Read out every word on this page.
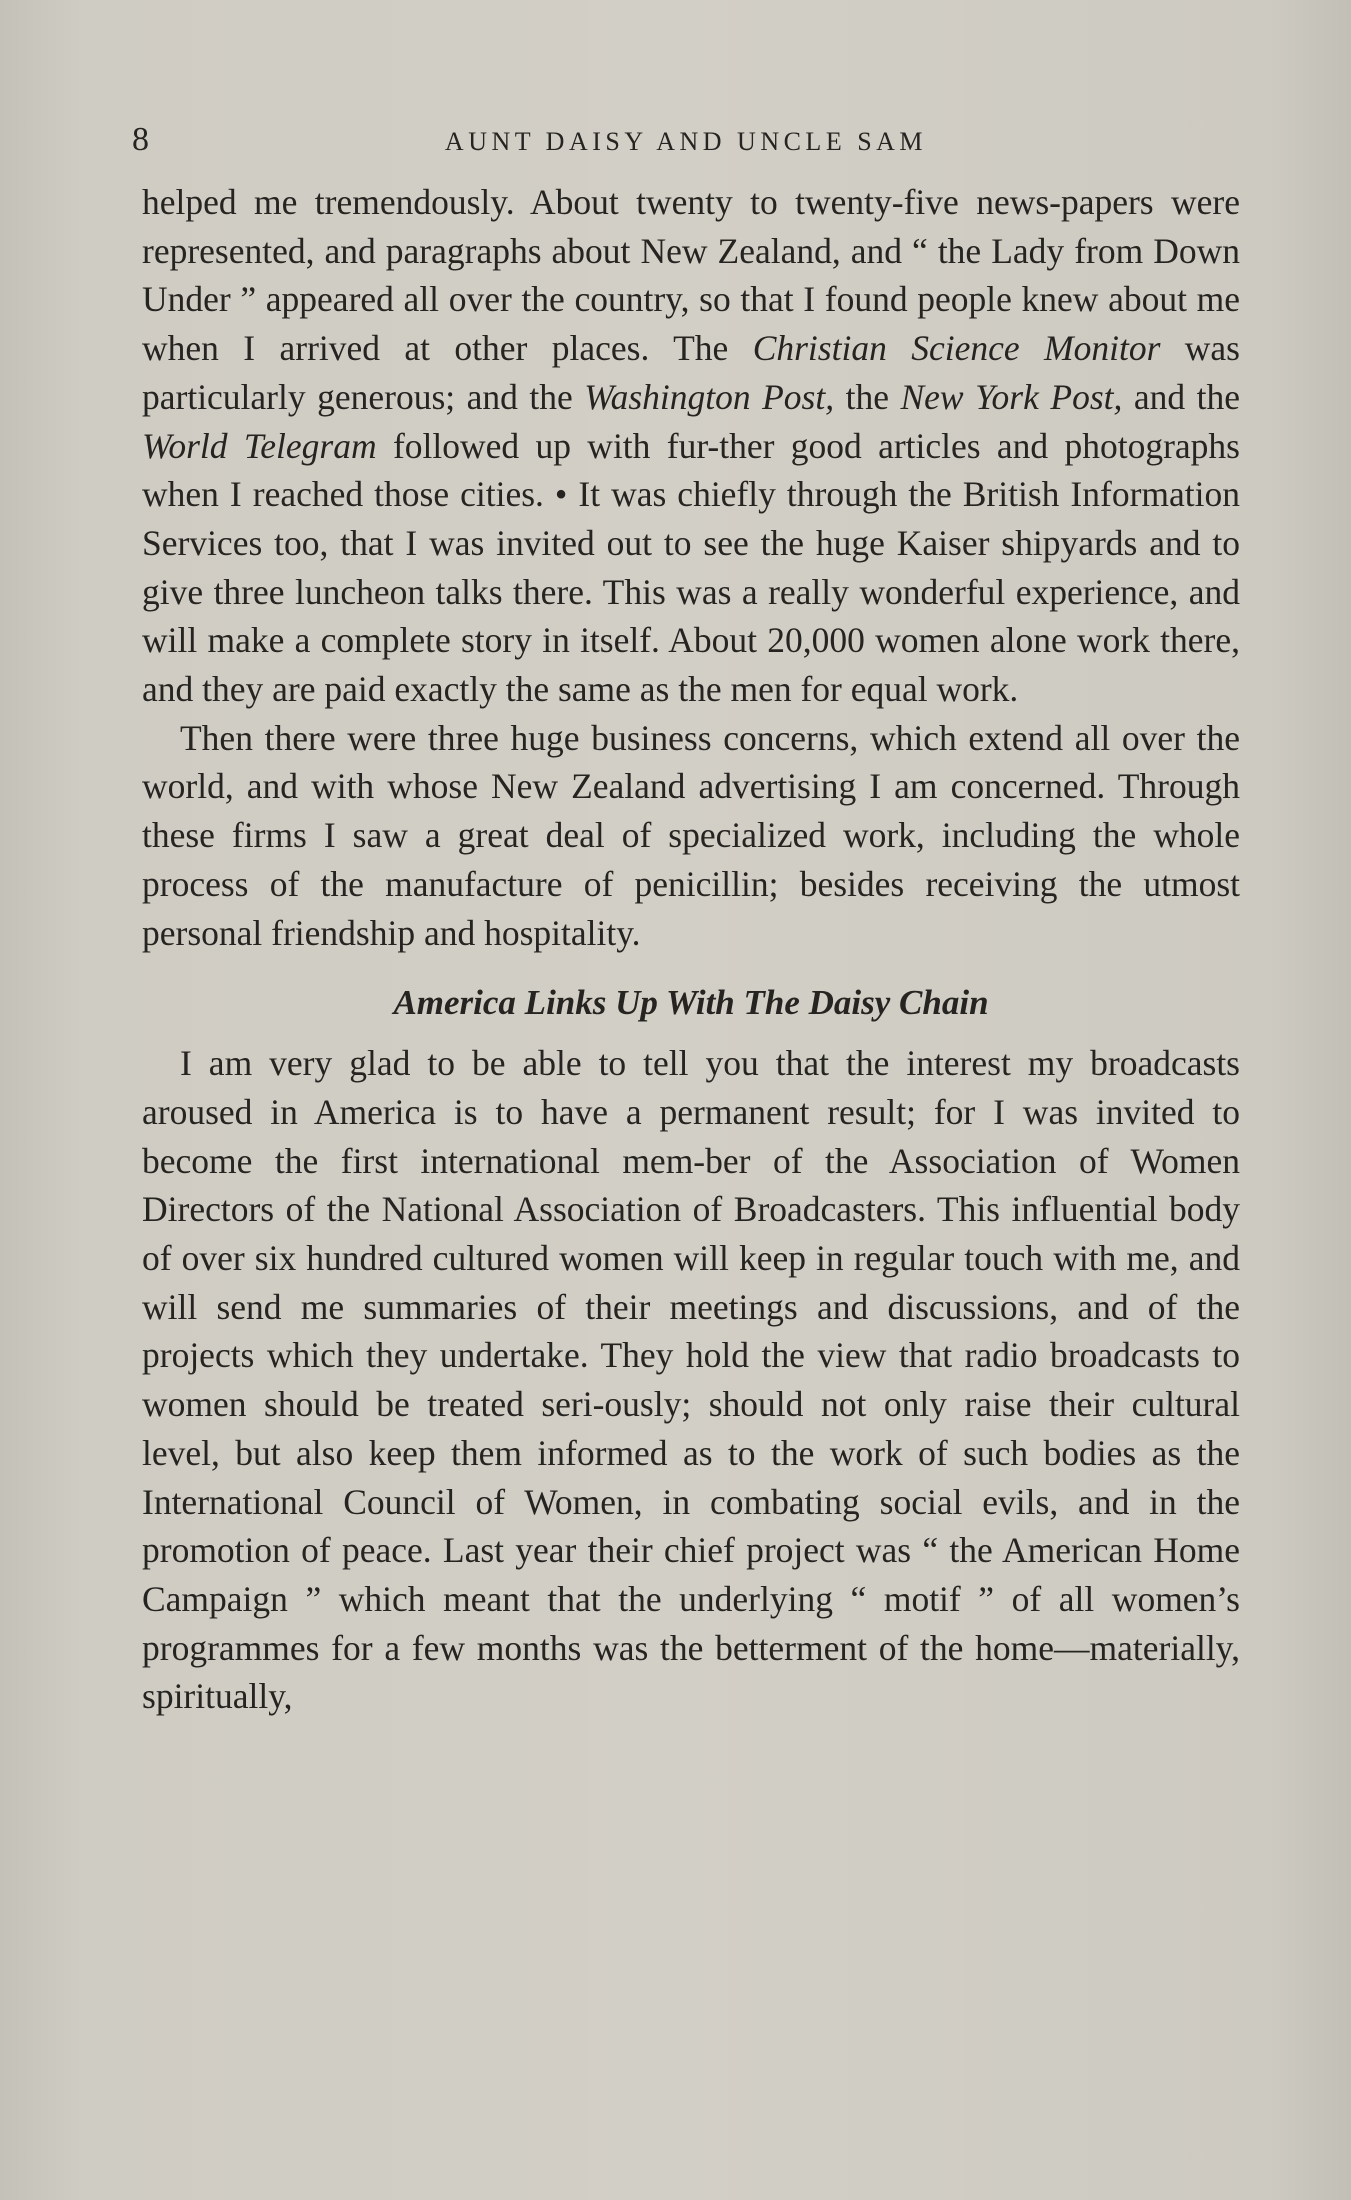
8	AUNT DAISY AND UNCLE SAM

helped me tremendously. About twenty to twenty-five news-papers were represented, and paragraphs about New Zealand, and “ the Lady from Down Under ” appeared all over the country, so that I found people knew about me when I arrived at other places. The Christian Science Monitor was particularly generous; and the Washington Post, the New York Post, and the World Telegram followed up with fur-ther good articles and photographs when I reached those cities. • It was chiefly through the British Information Services too, that I was invited out to see the huge Kaiser shipyards and to give three luncheon talks there. This was a really wonderful experience, and will make a complete story in itself. About 20,000 women alone work there, and they are paid exactly the same as the men for equal work.

Then there were three huge business concerns, which extend all over the world, and with whose New Zealand advertising I am concerned. Through these firms I saw a great deal of specialized work, including the whole process of the manufacture of penicillin; besides receiving the utmost personal friendship and hospitality.

America Links Up With The Daisy Chain

I am very glad to be able to tell you that the interest my broadcasts aroused in America is to have a permanent result; for I was invited to become the first international mem-ber of the Association of Women Directors of the National Association of Broadcasters. This influential body of over six hundred cultured women will keep in regular touch with me, and will send me summaries of their meetings and discussions, and of the projects which they undertake. They hold the view that radio broadcasts to women should be treated seri-ously; should not only raise their cultural level, but also keep them informed as to the work of such bodies as the International Council of Women, in combating social evils, and in the promotion of peace. Last year their chief project was “ the American Home Campaign ” which meant that the underlying “ motif ” of all women’s programmes for a few months was the betterment of the home—materially, spiritually,
